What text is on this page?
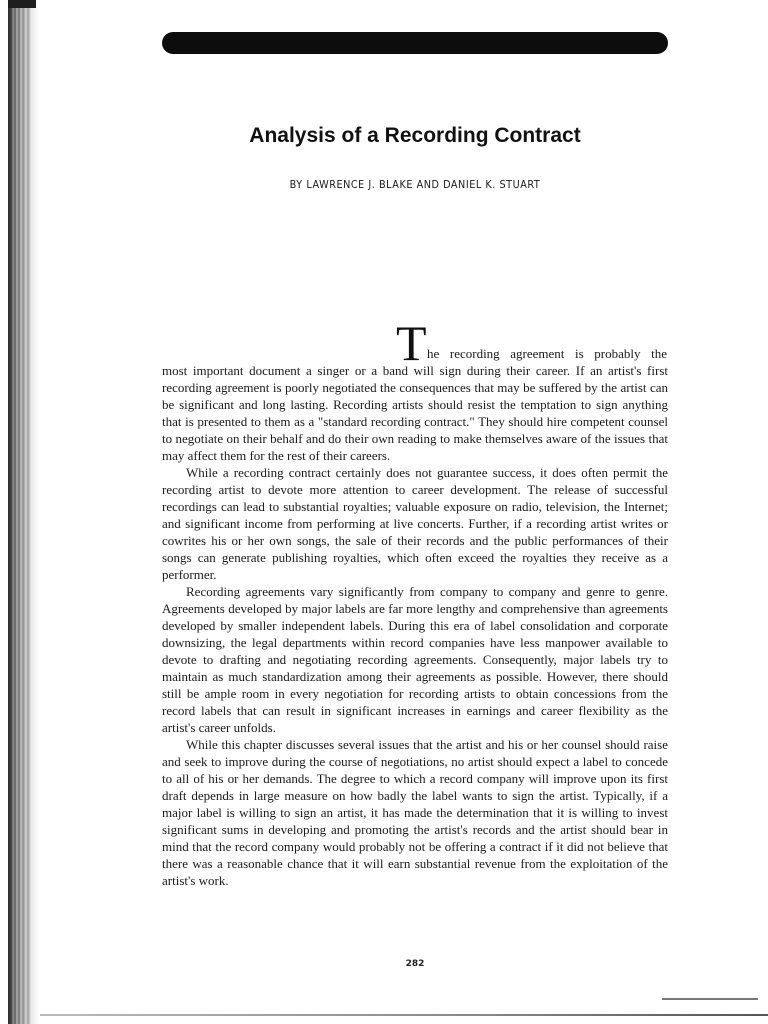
Analysis of a Recording Contract
BY LAWRENCE J. BLAKE AND DANIEL K. STUART
T he recording agreement is probably the

most important document a singer or a band will sign during their career. If an artist's first recording agreement is poorly negotiated the consequences that may be suffered by the artist can be significant and long lasting. Recording artists should resist the temptation to sign anything that is presented to them as a "standard recording contract." They should hire competent counsel to negotiate on their behalf and do their own reading to make themselves aware of the issues that may affect them for the rest of their careers.

While a recording contract certainly does not guarantee success, it does often permit the recording artist to devote more attention to career development. The release of successful recordings can lead to substantial royalties; valuable exposure on radio, television, the Internet; and significant income from performing at live concerts. Further, if a recording artist writes or cowrites his or her own songs, the sale of their records and the public performances of their songs can generate publishing royalties, which often exceed the royalties they receive as a performer.

Recording agreements vary significantly from company to company and genre to genre. Agreements developed by major labels are far more lengthy and comprehensive than agreements developed by smaller independent labels. During this era of label consolidation and corporate downsizing, the legal departments within record companies have less manpower available to devote to drafting and negotiating recording agreements. Consequently, major labels try to maintain as much standardization among their agreements as possible. However, there should still be ample room in every negotiation for recording artists to obtain concessions from the record labels that can result in significant increases in earnings and career flexibility as the artist's career unfolds.

While this chapter discusses several issues that the artist and his or her counsel should raise and seek to improve during the course of negotiations, no artist should expect a label to concede to all of his or her demands. The degree to which a record company will improve upon its first draft depends in large measure on how badly the label wants to sign the artist. Typically, if a major label is willing to sign an artist, it has made the determination that it is willing to invest significant sums in developing and promoting the artist's records and the artist should bear in mind that the record company would probably not be offering a contract if it did not believe that there was a reasonable chance that it will earn substantial revenue from the exploitation of the artist's work.

282
